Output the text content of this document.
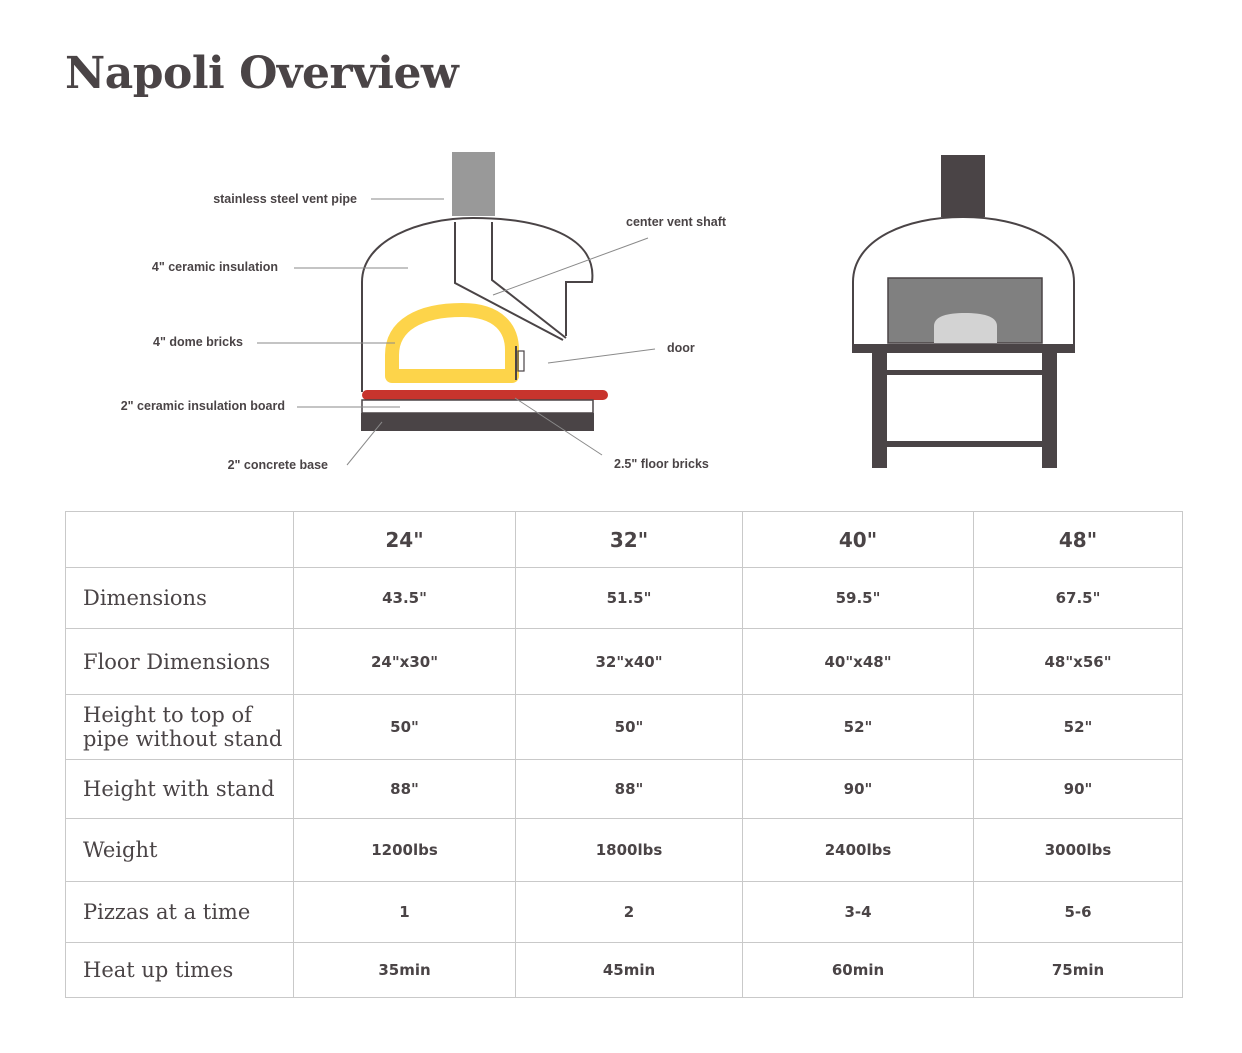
Napoli Overview
stainless steel vent pipe
center vent shaft
4" ceramic insulation
4" dome bricks	door
2" ceramic insulation board
2" concrete base	2.5" floor bricks
	24"	32"	40"	48"
Dimensions	43.5"	51.5"	59.5"	67.5"
Floor Dimensions	24"x30"	32"x40"	40"x48"	48"x56"
Height to top of pipe without stand	50"	50"	52"	52"
Height with stand	88"	88"	90"	90"
Weight	1200lbs	1800lbs	2400lbs	3000lbs
Pizzas at a time	1	2	3-4	5-6
Heat up times	35min	45min	60min	75min
